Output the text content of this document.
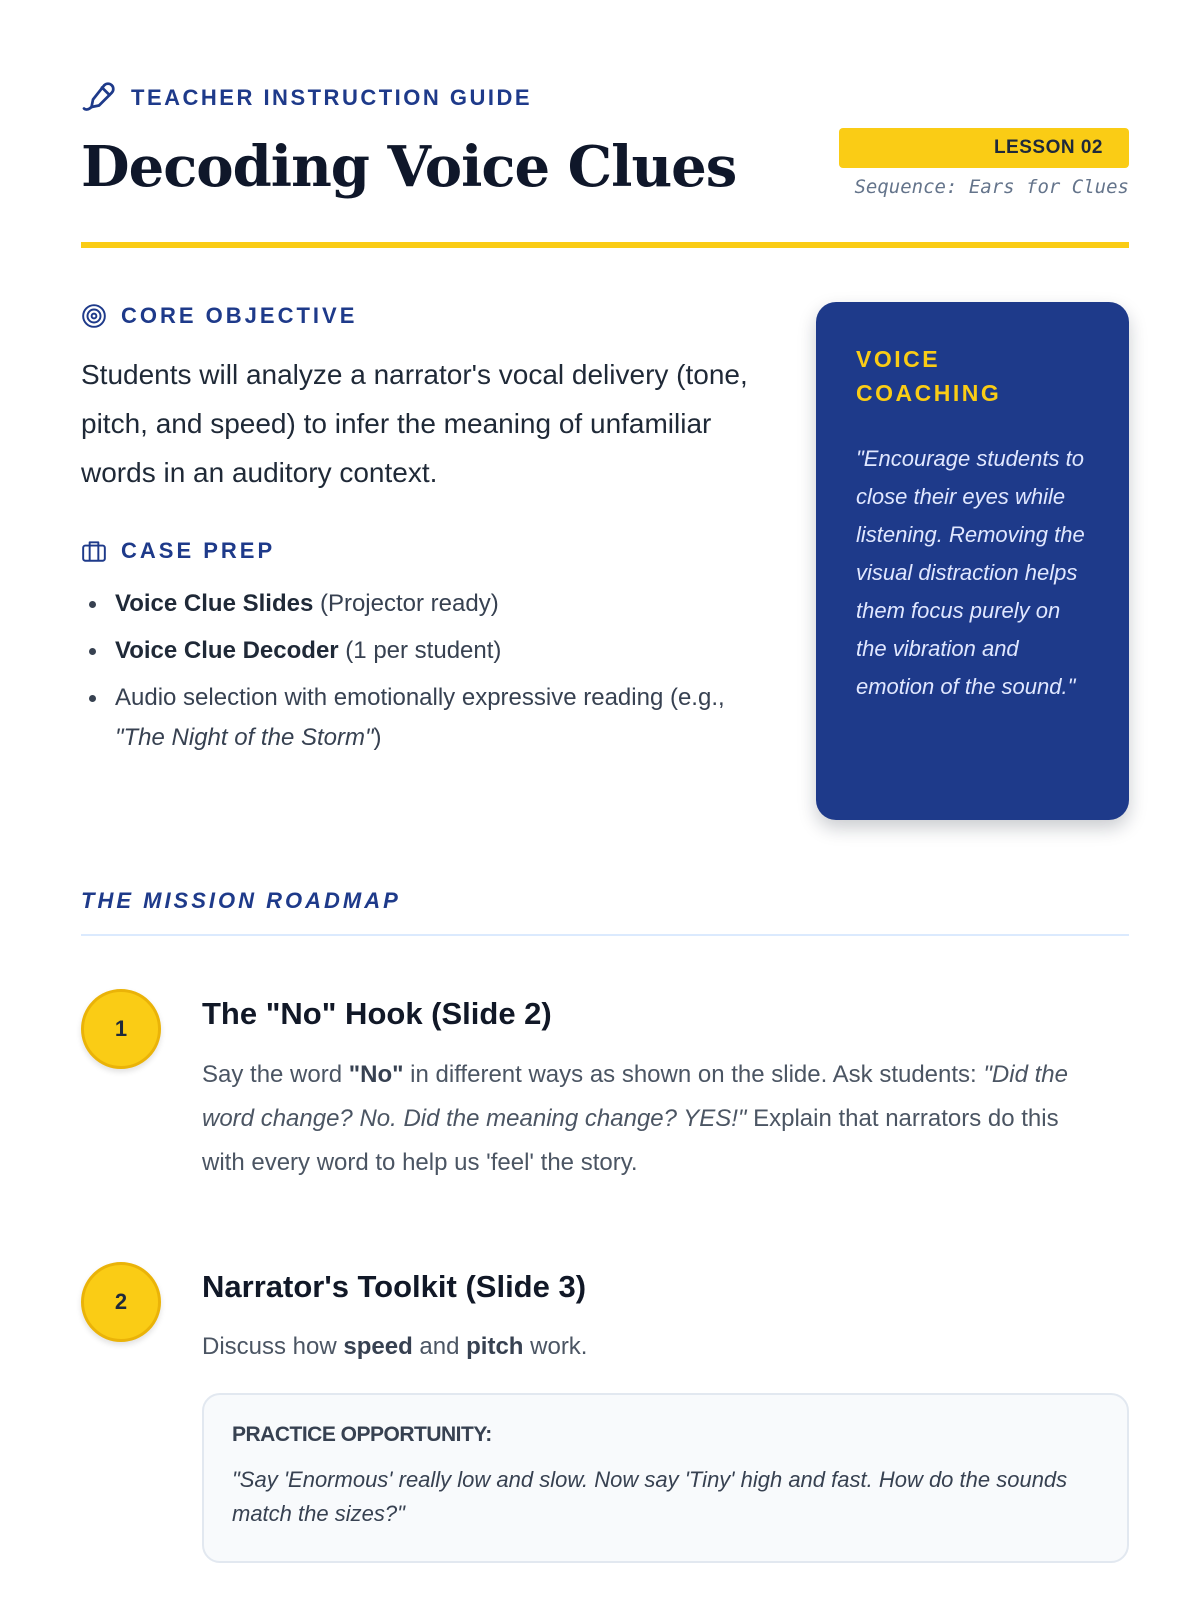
TEACHER INSTRUCTION GUIDE
Decoding Voice Clues	LESSON 02
Sequence: Ears for Clues
CORE OBJECTIVE

Students will analyze a narrator's vocal delivery (tone, pitch, and speed) to infer the meaning of unfamiliar words in an auditory context.

CASE PREP
Voice Clue Slides (Projector ready)
Voice Clue Decoder (1 per student)
Audio selection with emotionally expressive reading (e.g., "The Night of the Storm")
VOICE COACHING

"Encourage students to close their eyes while listening. Removing the visual distraction helps them focus purely on the vibration and emotion of the sound."

THE MISSION ROADMAP
1	The "No" Hook (Slide 2)

Say the word "No" in different ways as shown on the slide. Ask students: "Did the word change? No. Did the meaning change? YES!" Explain that narrators do this with every word to help us 'feel' the story.

2	Narrator's Toolkit (Slide 3)

Discuss how speed and pitch work.

PRACTICE OPPORTUNITY:

"Say 'Enormous' really low and slow. Now say 'Tiny' high and fast. How do the sounds match the sizes?"
